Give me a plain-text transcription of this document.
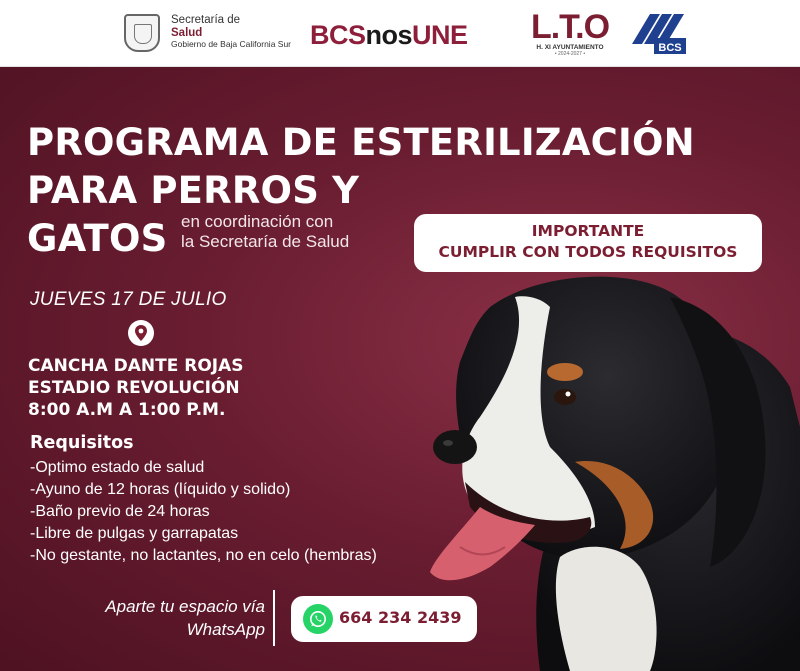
Secretaría de
Salud
Gobierno de Baja California Sur BCSnosUNE L.T.O
H. XI AYUNTAMIENTO
• 2024-2027 •	BCS
PROGRAMA DE ESTERILIZACIÓN
PARA PERROS Y
GATOS en coordinación con
la Secretaría de Salud
IMPORTANTE
CUMPLIR CON TODOS REQUISITOS
JUEVES 17 DE JULIO
CANCHA DANTE ROJAS
ESTADIO REVOLUCIÓN
8:00 A.M A 1:00 P.M.
Requisitos
-Optimo estado de salud
-Ayuno de 12 horas (líquido y solido)
-Baño previo de 24 horas
-Libre de pulgas y garrapatas
-No gestante, no lactantes, no en celo (hembras)
Aparte tu espacio vía
WhatsApp
664 234 2439
